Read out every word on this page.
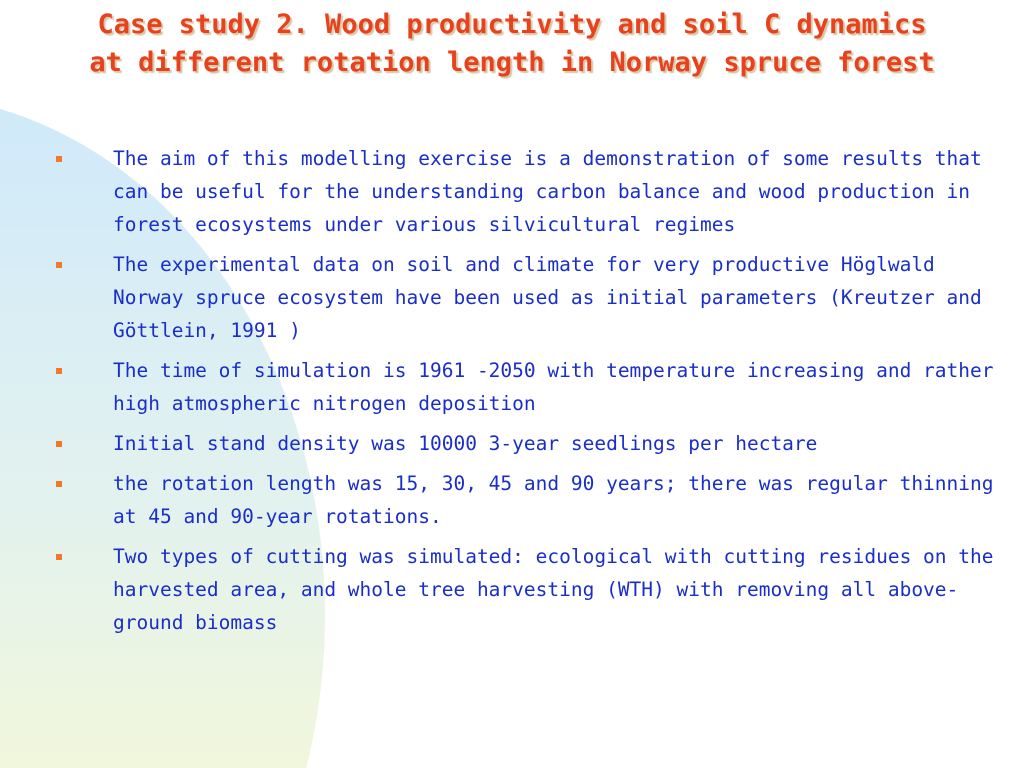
Case study 2. Wood productivity and soil C dynamics
at different rotation length in Norway spruce forest
The aim of this modelling exercise is a demonstration of some results that can be useful for the understanding carbon balance and wood production in forest ecosystems under various silvicultural regimes
The experimental data on soil and climate for very productive Höglwald Norway spruce ecosystem have been used as initial parameters (Kreutzer and Göttlein, 1991 )
The time of simulation is 1961 -2050 with temperature increasing and rather high atmospheric nitrogen deposition
Initial stand density was 10000 3-year seedlings per hectare
the rotation length was 15, 30, 45 and 90 years; there was regular thinning at 45 and 90-year rotations.
Two types of cutting was simulated: ecological with cutting residues on the harvested area, and whole tree harvesting (WTH) with removing all above-ground biomass
